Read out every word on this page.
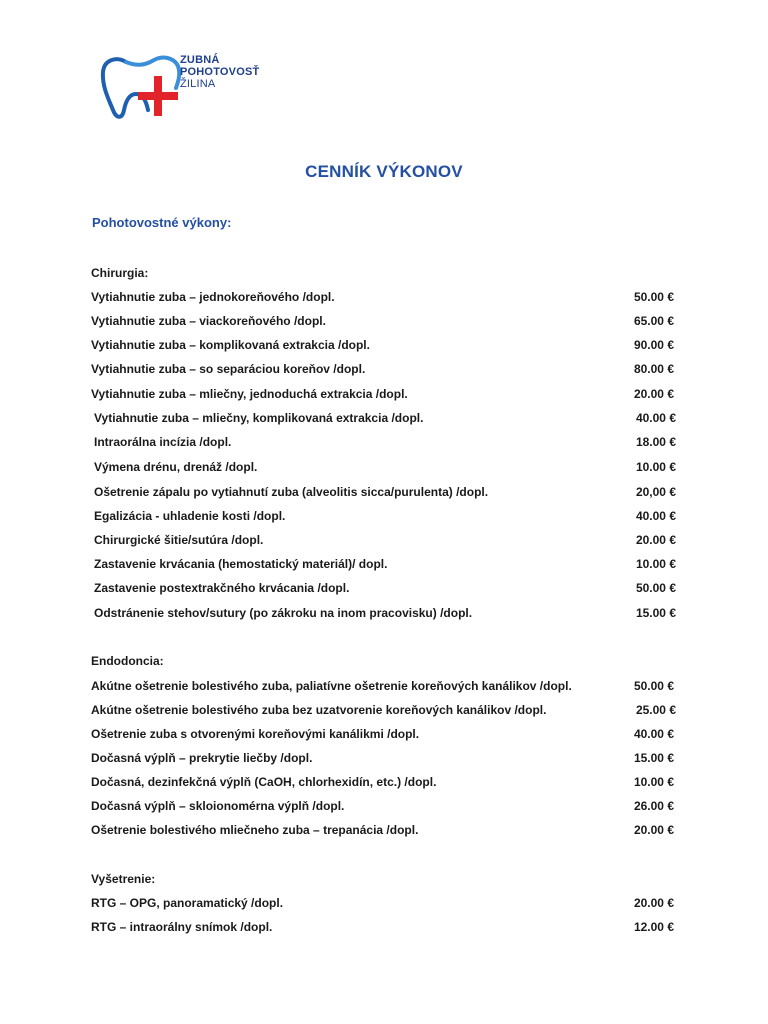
ZUBNÁ
POHOTOVOSŤ
ŽILINA
CENNÍK VÝKONOV
Pohotovostné výkony:
Chirurgia:
Vytiahnutie zuba – jednokoreňového /dopl.	50.00 €
Vytiahnutie zuba – viackoreňového /dopl.	65.00 €
Vytiahnutie zuba – komplikovaná extrakcia /dopl.	90.00 €
Vytiahnutie zuba – so separáciou koreňov /dopl.	80.00 €
Vytiahnutie zuba – mliečny, jednoduchá extrakcia /dopl.	20.00 €
Vytiahnutie zuba – mliečny, komplikovaná extrakcia /dopl.	40.00 €
Intraorálna incízia /dopl.	18.00 €
Výmena drénu, drenáž /dopl.	10.00 €
Ošetrenie zápalu po vytiahnutí zuba (alveolitis sicca/purulenta) /dopl.	20,00 €
Egalizácia - uhladenie kosti /dopl.	40.00 €
Chirurgické šitie/sutúra /dopl.	20.00 €
Zastavenie krvácania (hemostatický materiál)/ dopl.	10.00 €
Zastavenie postextrakčného krvácania /dopl.	50.00 €
Odstránenie stehov/sutury (po zákroku na inom pracovisku) /dopl.	15.00 €
Endodoncia:
Akútne ošetrenie bolestivého zuba, paliatívne ošetrenie koreňových kanálikov /dopl.	50.00 €
Akútne ošetrenie bolestivého zuba bez uzatvorenie koreňových kanálikov /dopl.	25.00 €
Ošetrenie zuba s otvorenými koreňovými kanálikmi /dopl.	40.00 €
Dočasná výplň – prekrytie liečby /dopl.	15.00 €
Dočasná, dezinfekčná výplň (CaOH, chlorhexidín, etc.) /dopl.	10.00 €
Dočasná výplň – skloionomérna výplň /dopl.	26.00 €
Ošetrenie bolestivého mliečneho zuba – trepanácia /dopl.	20.00 €
Vyšetrenie:
RTG – OPG, panoramatický /dopl.	20.00 €
RTG – intraorálny snímok /dopl.	12.00 €
